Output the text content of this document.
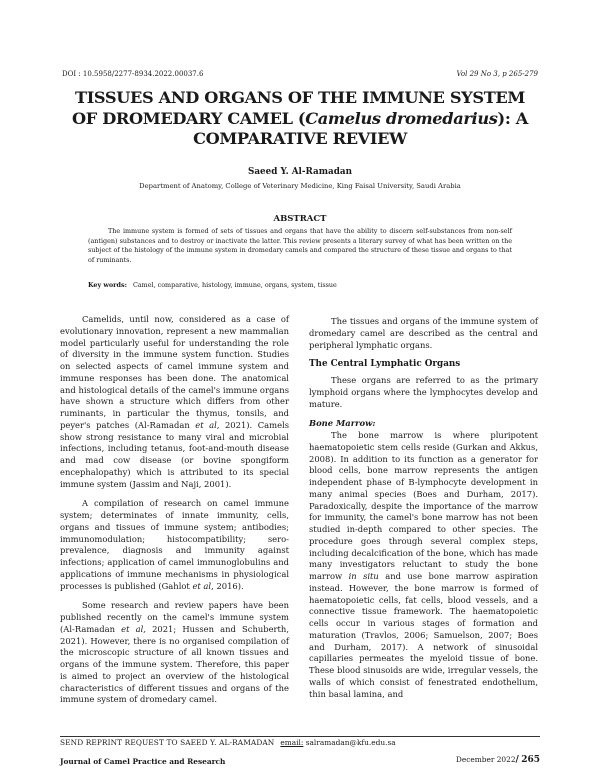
DOI : 10.5958/2277-8934.2022.00037.6	Vol 29 No 3, p 265-279
TISSUES AND ORGANS OF THE IMMUNE SYSTEM
OF DROMEDARY CAMEL (Camelus dromedarius): A
COMPARATIVE REVIEW
Saeed Y. Al-Ramadan
Department of Anatomy, College of Veterinary Medicine, King Faisal University, Saudi Arabia
ABSTRACT
The immune system is formed of sets of tissues and organs that have the ability to discern self-substances from non-self (antigen) substances and to destroy or inactivate the latter. This review presents a literary survey of what has been written on the subject of the histology of the immune system in dromedary camels and compared the structure of these tissue and organs to that of ruminants.
Key words: Camel, comparative, histology, immune, organs, system, tissue

Camelids, until now, considered as a case of evolutionary innovation, represent a new mammalian model particularly useful for understanding the role of diversity in the immune system function. Studies on selected aspects of camel immune system and immune responses has been done. The anatomical and histological details of the camel's immune organs have shown a structure which differs from other ruminants, in particular the thymus, tonsils, and peyer's patches (Al-Ramadan et al, 2021). Camels show strong resistance to many viral and microbial infections, including tetanus, foot-and-mouth disease and mad cow disease (or bovine spongiform encephalopathy) which is attributed to its special immune system (Jassim and Naji, 2001).

A compilation of research on camel immune system; determinates of innate immunity, cells, organs and tissues of immune system; antibodies; immunomodulation; histocompatibility; sero-prevalence, diagnosis and immunity against infections; application of camel immunoglobulins and applications of immune mechanisms in physiological processes is published (Gahlot et al, 2016).

Some research and review papers have been published recently on the camel's immune system (Al-Ramadan et al, 2021; Hussen and Schuberth, 2021). However, there is no organised compilation of the microscopic structure of all known tissues and organs of the immune system. Therefore, this paper is aimed to project an overview of the histological characteristics of different tissues and organs of the immune system of dromedary camel.

The tissues and organs of the immune system of dromedary camel are described as the central and peripheral lymphatic organs.

The Central Lymphatic Organs

These organs are referred to as the primary lymphoid organs where the lymphocytes develop and mature.

Bone Marrow:
The bone marrow is where pluripotent haematopoietic stem cells reside (Gurkan and Akkus, 2008). In addition to its function as a generator for blood cells, bone marrow represents the antigen independent phase of B-lymphocyte development in many animal species (Boes and Durham, 2017). Paradoxically, despite the importance of the marrow for immunity, the camel's bone marrow has not been studied in-depth compared to other species. The procedure goes through several complex steps, including decalcification of the bone, which has made many investigators reluctant to study the bone marrow in situ and use bone marrow aspiration instead. However, the bone marrow is formed of haematopoietic cells, fat cells, blood vessels, and a connective tissue framework. The haematopoietic cells occur in various stages of formation and maturation (Travlos, 2006; Samuelson, 2007; Boes and Durham, 2017). A network of sinusoidal capillaries permeates the myeloid tissue of bone. These blood sinusoids are wide, irregular vessels, the walls of which consist of fenestrated endothelium, thin basal lamina, and

SEND REPRINT REQUEST TO SAEED Y. AL-RAMADAN email: salramadan@kfu.edu.sa
Journal of Camel Practice and Research	December 2022/ 265
